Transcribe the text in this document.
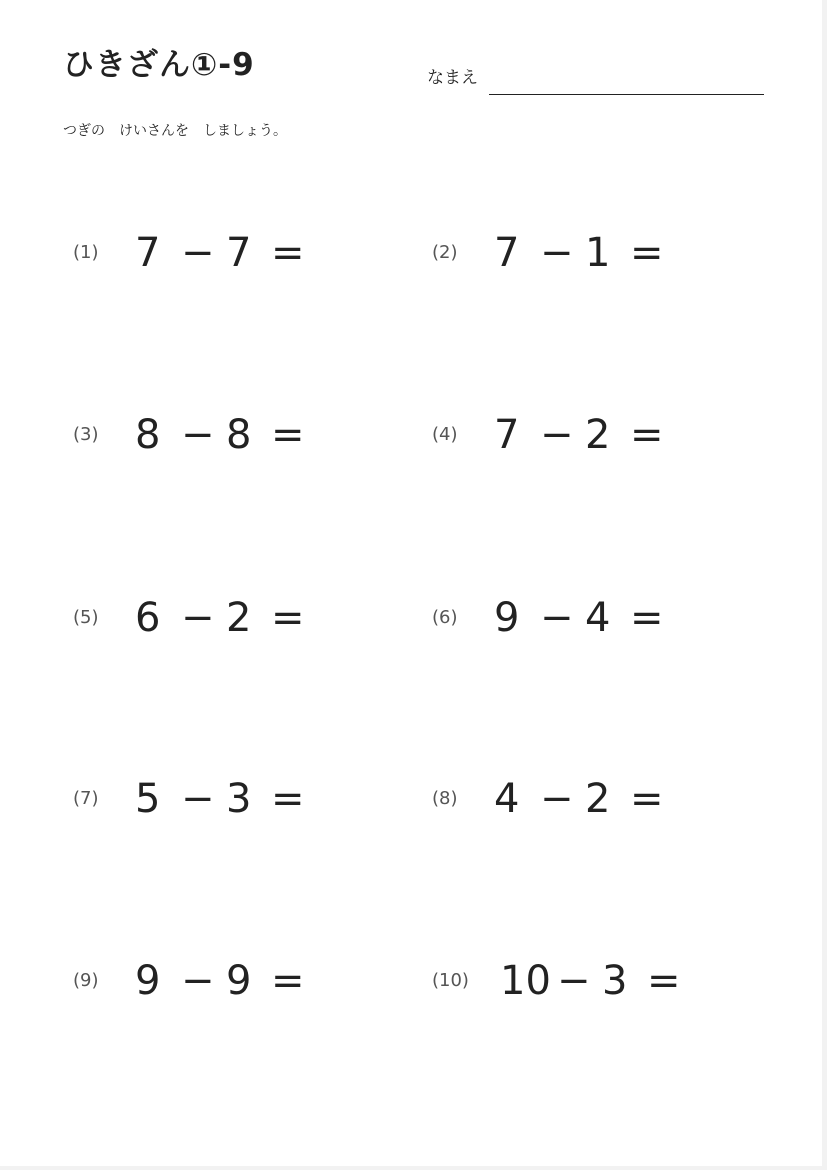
ひきざん①-9	なまえ
つぎの　けいさんを　しましょう。
(1) 7 − 7 =	(2) 7 − 1 =
(3) 8 − 8 =	(4) 7 − 2 =
(5) 6 − 2 =	(6) 9 − 4 =
(7) 5 − 3 =	(8) 4 − 2 =
(9) 9 − 9 =	(10) 10 − 3 =
